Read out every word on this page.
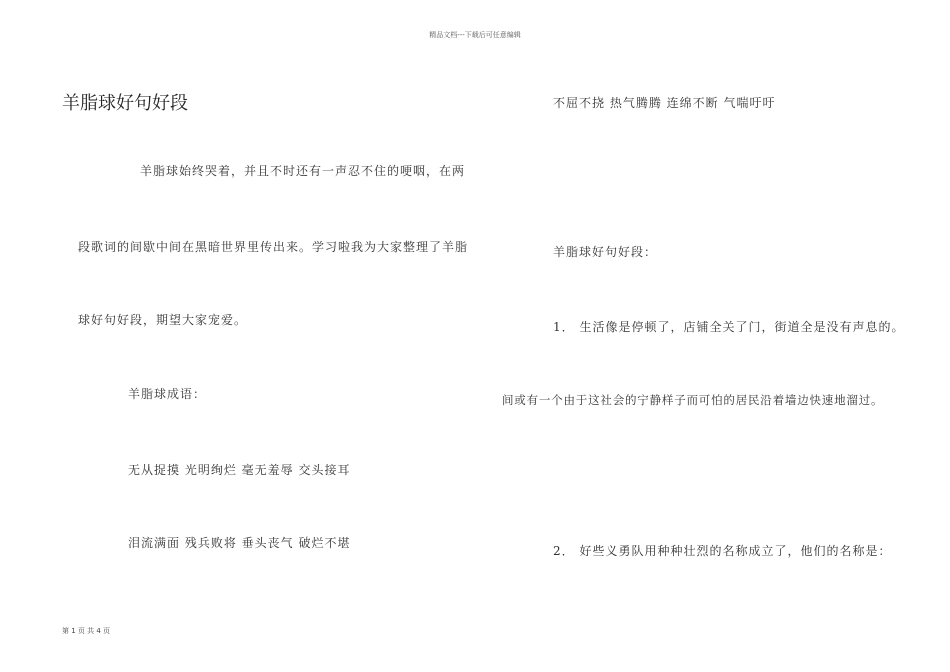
精品文档---下载后可任意编辑
羊脂球好句好段
羊脂球始终哭着，并且不时还有一声忍不住的哽咽，在两
段歌词的间歇中间在黑暗世界里传出来。学习啦我为大家整理了羊脂
球好句好段，期望大家宠爱。
羊脂球成语：
无从捉摸 光明绚烂 毫无羞辱 交头接耳
泪流满面 残兵败将 垂头丧气 破烂不堪
不屈不挠 热气腾腾 连绵不断 气喘吁吁
羊脂球好句好段：
1． 生活像是停顿了，店铺全关了门，街道全是没有声息的。
间或有一个由于这社会的宁静样子而可怕的居民沿着墙边快速地溜过。
2． 好些义勇队用种种壮烈的名称成立了，他们的名称是：
第 1 页 共 4 页
